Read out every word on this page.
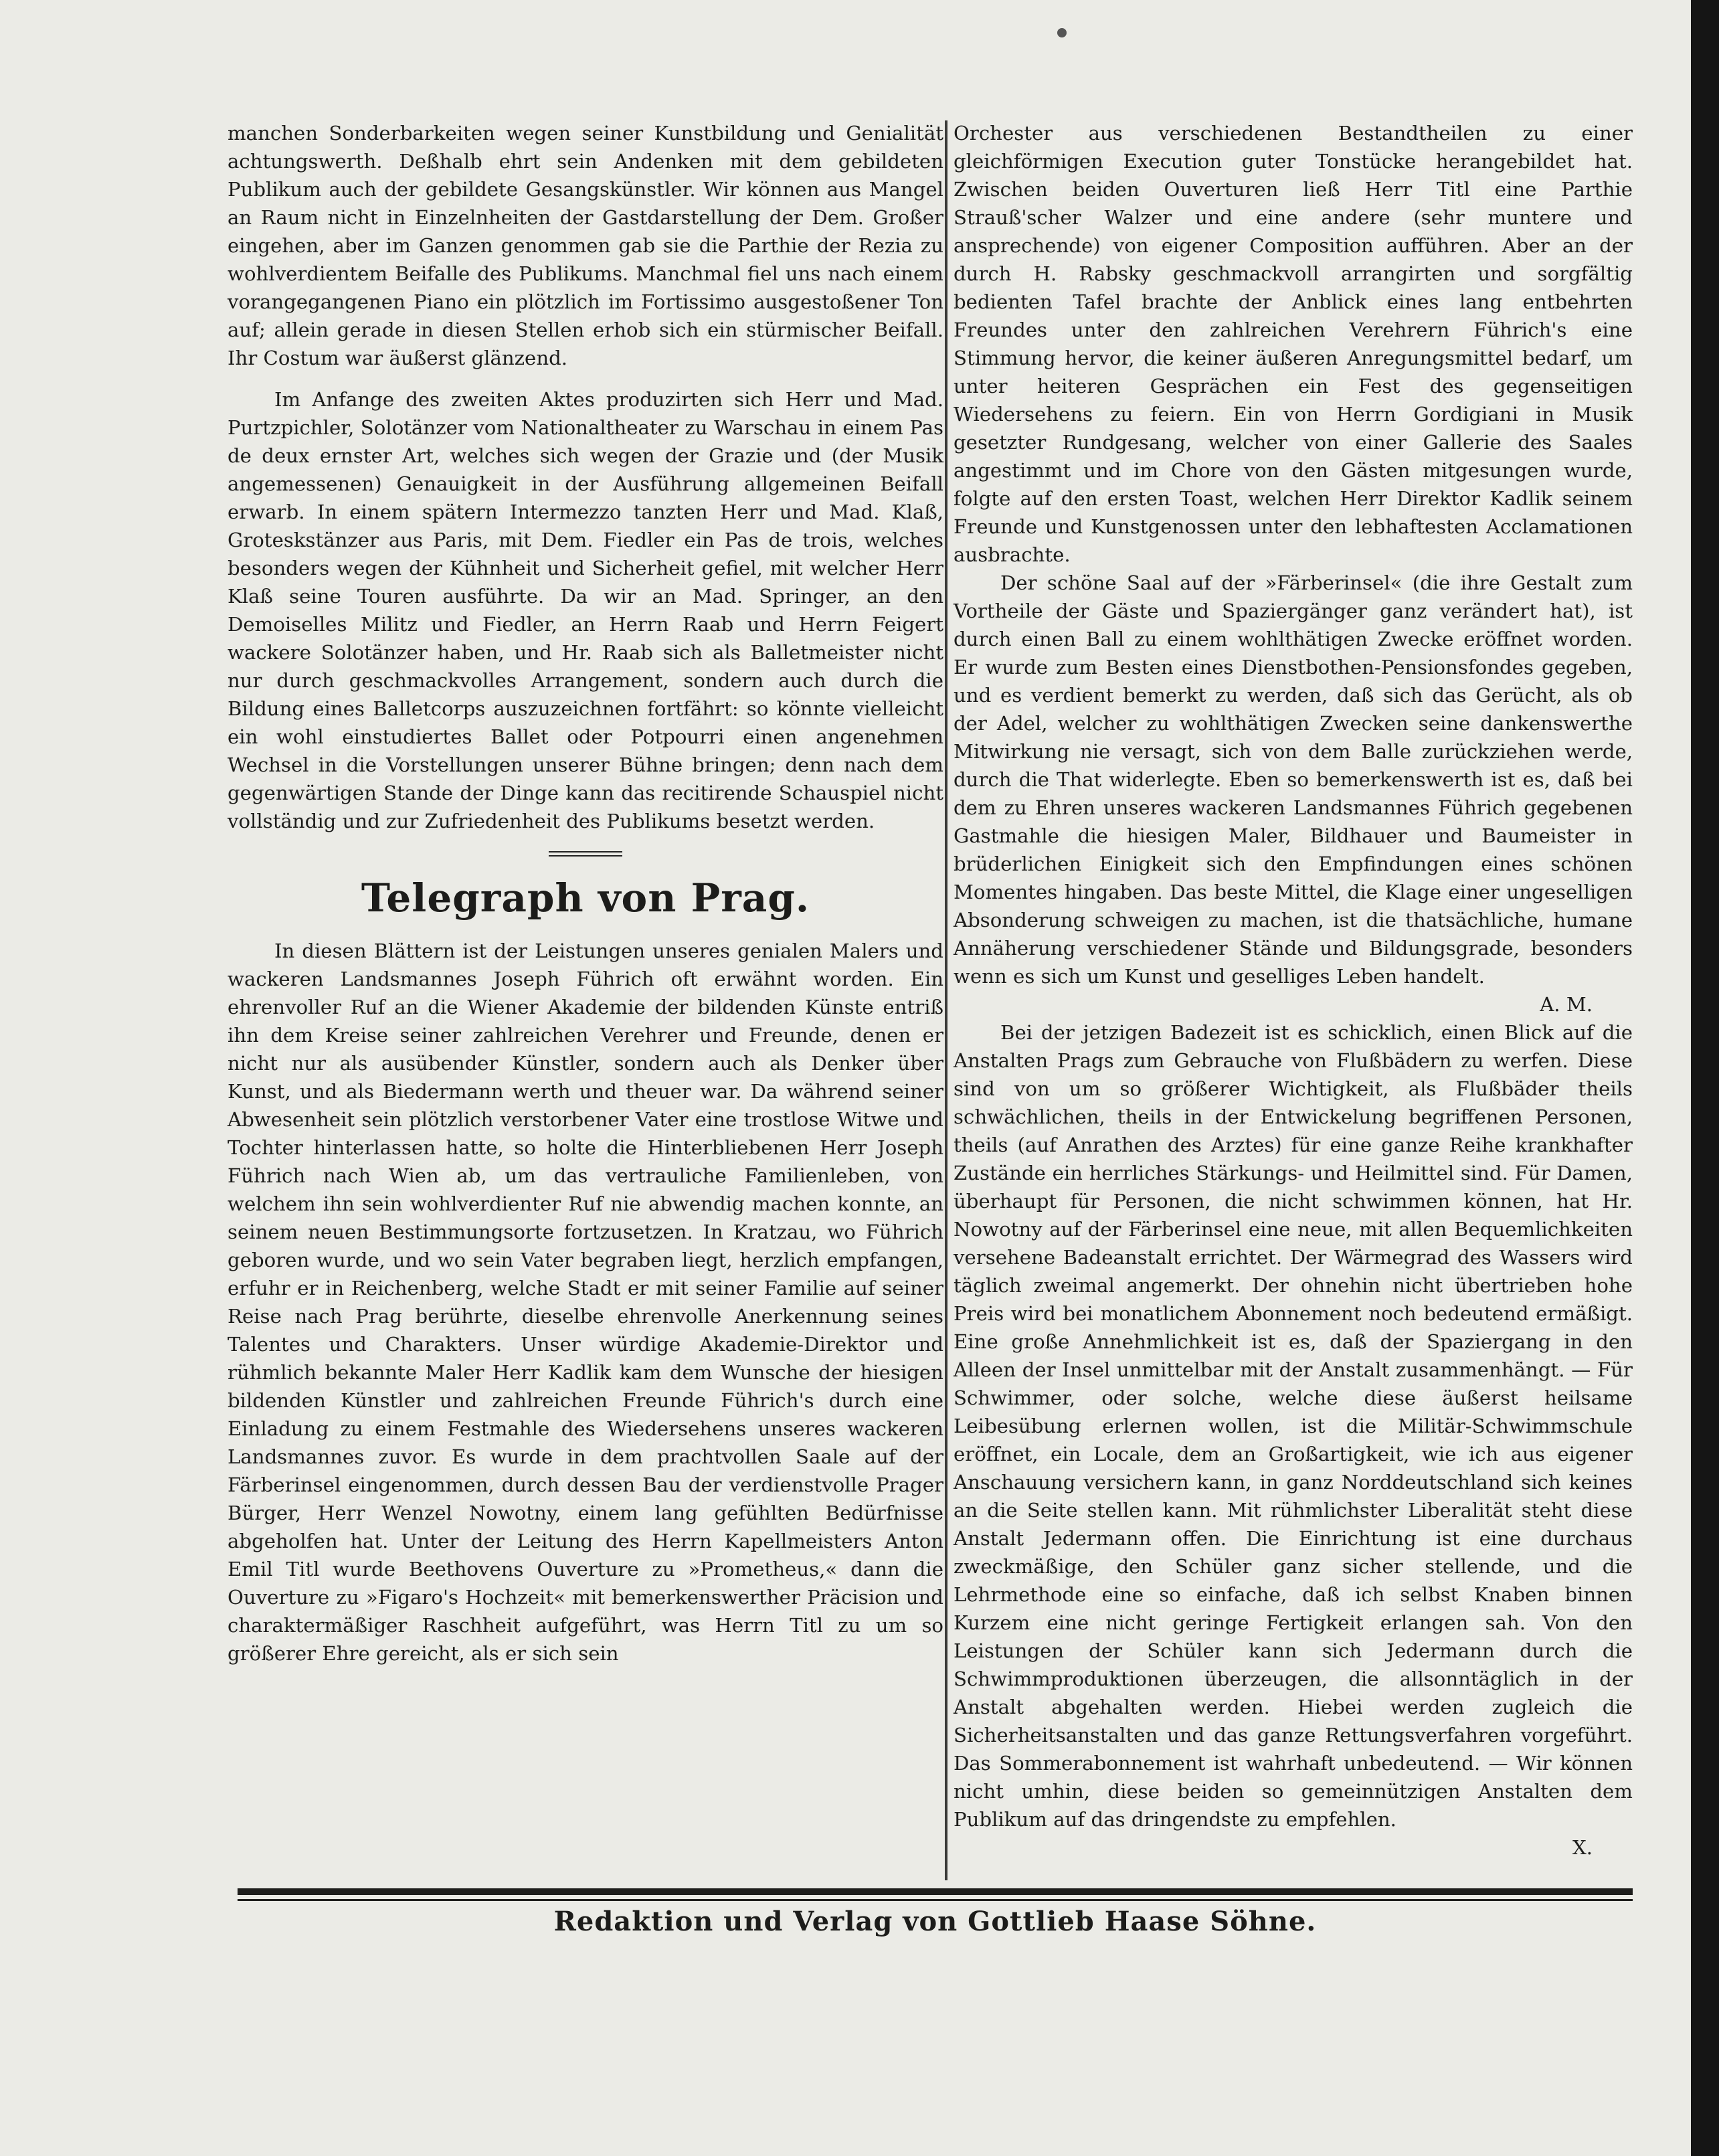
manchen Sonderbarkeiten wegen seiner Kunstbildung und Genialität achtungswerth. Deßhalb ehrt sein Andenken mit dem gebildeten Publikum auch der gebildete Gesangskünstler. Wir können aus Mangel an Raum nicht in Einzelnheiten der Gastdarstellung der Dem. Großer eingehen, aber im Ganzen genommen gab sie die Parthie der Rezia zu wohlverdientem Beifalle des Publikums. Manchmal fiel uns nach einem vorangegangenen Piano ein plötzlich im Fortissimo ausgestoßener Ton auf; allein gerade in diesen Stellen erhob sich ein stürmischer Beifall. Ihr Costum war äußerst glänzend.

Im Anfange des zweiten Aktes produzirten sich Herr und Mad. Purtzpichler, Solotänzer vom Nationaltheater zu Warschau in einem Pas de deux ernster Art, welches sich wegen der Grazie und (der Musik angemessenen) Genauigkeit in der Ausführung allgemeinen Beifall erwarb. In einem spätern Intermezzo tanzten Herr und Mad. Klaß, Groteskstänzer aus Paris, mit Dem. Fiedler ein Pas de trois, welches besonders wegen der Kühnheit und Sicherheit gefiel, mit welcher Herr Klaß seine Touren ausführte. Da wir an Mad. Springer, an den Demoiselles Militz und Fiedler, an Herrn Raab und Herrn Feigert wackere Solotänzer haben, und Hr. Raab sich als Balletmeister nicht nur durch geschmackvolles Arrangement, sondern auch durch die Bildung eines Balletcorps auszuzeichnen fortfährt: so könnte vielleicht ein wohl einstudiertes Ballet oder Potpourri einen angenehmen Wechsel in die Vorstellungen unserer Bühne bringen; denn nach dem gegenwärtigen Stande der Dinge kann das recitirende Schauspiel nicht vollständig und zur Zufriedenheit des Publikums besetzt werden.

Telegraph von Prag.

In diesen Blättern ist der Leistungen unseres genialen Malers und wackeren Landsmannes Joseph Führich oft erwähnt worden. Ein ehrenvoller Ruf an die Wiener Akademie der bildenden Künste entriß ihn dem Kreise seiner zahlreichen Verehrer und Freunde, denen er nicht nur als ausübender Künstler, sondern auch als Denker über Kunst, und als Biedermann werth und theuer war. Da während seiner Abwesenheit sein plötzlich verstorbener Vater eine trostlose Witwe und Tochter hinterlassen hatte, so holte die Hinterbliebenen Herr Joseph Führich nach Wien ab, um das vertrauliche Familienleben, von welchem ihn sein wohlverdienter Ruf nie abwendig machen konnte, an seinem neuen Bestimmungsorte fortzusetzen. In Kratzau, wo Führich geboren wurde, und wo sein Vater begraben liegt, herzlich empfangen, erfuhr er in Reichenberg, welche Stadt er mit seiner Familie auf seiner Reise nach Prag berührte, dieselbe ehrenvolle Anerkennung seines Talentes und Charakters. Unser würdige Akademie-Direktor und rühmlich bekannte Maler Herr Kadlik kam dem Wunsche der hiesigen bildenden Künstler und zahlreichen Freunde Führich's durch eine Einladung zu einem Festmahle des Wiedersehens unseres wackeren Landsmannes zuvor. Es wurde in dem prachtvollen Saale auf der Färberinsel eingenommen, durch dessen Bau der verdienstvolle Prager Bürger, Herr Wenzel Nowotny, einem lang gefühlten Bedürfnisse abgeholfen hat. Unter der Leitung des Herrn Kapellmeisters Anton Emil Titl wurde Beethovens Ouverture zu »Prometheus,« dann die Ouverture zu »Figaro's Hochzeit« mit bemerkenswerther Präcision und charaktermäßiger Raschheit aufgeführt, was Herrn Titl zu um so größerer Ehre gereicht, als er sich sein

Orchester aus verschiedenen Bestandtheilen zu einer gleichförmigen Execution guter Tonstücke herangebildet hat. Zwischen beiden Ouverturen ließ Herr Titl eine Parthie Strauß'scher Walzer und eine andere (sehr muntere und ansprechende) von eigener Composition aufführen. Aber an der durch H. Rabsky geschmackvoll arrangirten und sorgfältig bedienten Tafel brachte der Anblick eines lang entbehrten Freundes unter den zahlreichen Verehrern Führich's eine Stimmung hervor, die keiner äußeren Anregungsmittel bedarf, um unter heiteren Gesprächen ein Fest des gegenseitigen Wiedersehens zu feiern. Ein von Herrn Gordigiani in Musik gesetzter Rundgesang, welcher von einer Gallerie des Saales angestimmt und im Chore von den Gästen mitgesungen wurde, folgte auf den ersten Toast, welchen Herr Direktor Kadlik seinem Freunde und Kunstgenossen unter den lebhaftesten Acclamationen ausbrachte.

Der schöne Saal auf der »Färberinsel« (die ihre Gestalt zum Vortheile der Gäste und Spaziergänger ganz verändert hat), ist durch einen Ball zu einem wohlthätigen Zwecke eröffnet worden. Er wurde zum Besten eines Dienstbothen-Pensionsfondes gegeben, und es verdient bemerkt zu werden, daß sich das Gerücht, als ob der Adel, welcher zu wohlthätigen Zwecken seine dankenswerthe Mitwirkung nie versagt, sich von dem Balle zurückziehen werde, durch die That widerlegte. Eben so bemerkenswerth ist es, daß bei dem zu Ehren unseres wackeren Landsmannes Führich gegebenen Gastmahle die hiesigen Maler, Bildhauer und Baumeister in brüderlichen Einigkeit sich den Empfindungen eines schönen Momentes hingaben. Das beste Mittel, die Klage einer ungeselligen Absonderung schweigen zu machen, ist die thatsächliche, humane Annäherung verschiedener Stände und Bildungsgrade, besonders wenn es sich um Kunst und geselliges Leben handelt.

A. M.

Bei der jetzigen Badezeit ist es schicklich, einen Blick auf die Anstalten Prags zum Gebrauche von Flußbädern zu werfen. Diese sind von um so größerer Wichtigkeit, als Flußbäder theils schwächlichen, theils in der Entwickelung begriffenen Personen, theils (auf Anrathen des Arztes) für eine ganze Reihe krankhafter Zustände ein herrliches Stärkungs- und Heilmittel sind. Für Damen, überhaupt für Personen, die nicht schwimmen können, hat Hr. Nowotny auf der Färberinsel eine neue, mit allen Bequemlichkeiten versehene Badeanstalt errichtet. Der Wärmegrad des Wassers wird täglich zweimal angemerkt. Der ohnehin nicht übertrieben hohe Preis wird bei monatlichem Abonnement noch bedeutend ermäßigt. Eine große Annehmlichkeit ist es, daß der Spaziergang in den Alleen der Insel unmittelbar mit der Anstalt zusammenhängt. — Für Schwimmer, oder solche, welche diese äußerst heilsame Leibesübung erlernen wollen, ist die Militär-Schwimmschule eröffnet, ein Locale, dem an Großartigkeit, wie ich aus eigener Anschauung versichern kann, in ganz Norddeutschland sich keines an die Seite stellen kann. Mit rühmlichster Liberalität steht diese Anstalt Jedermann offen. Die Einrichtung ist eine durchaus zweckmäßige, den Schüler ganz sicher stellende, und die Lehrmethode eine so einfache, daß ich selbst Knaben binnen Kurzem eine nicht geringe Fertigkeit erlangen sah. Von den Leistungen der Schüler kann sich Jedermann durch die Schwimmproduktionen überzeugen, die allsonntäglich in der Anstalt abgehalten werden. Hiebei werden zugleich die Sicherheitsanstalten und das ganze Rettungsverfahren vorgeführt. Das Sommerabonnement ist wahrhaft unbedeutend. — Wir können nicht umhin, diese beiden so gemeinnützigen Anstalten dem Publikum auf das dringendste zu empfehlen.

X.
Redaktion und Verlag von Gottlieb Haase Söhne.
